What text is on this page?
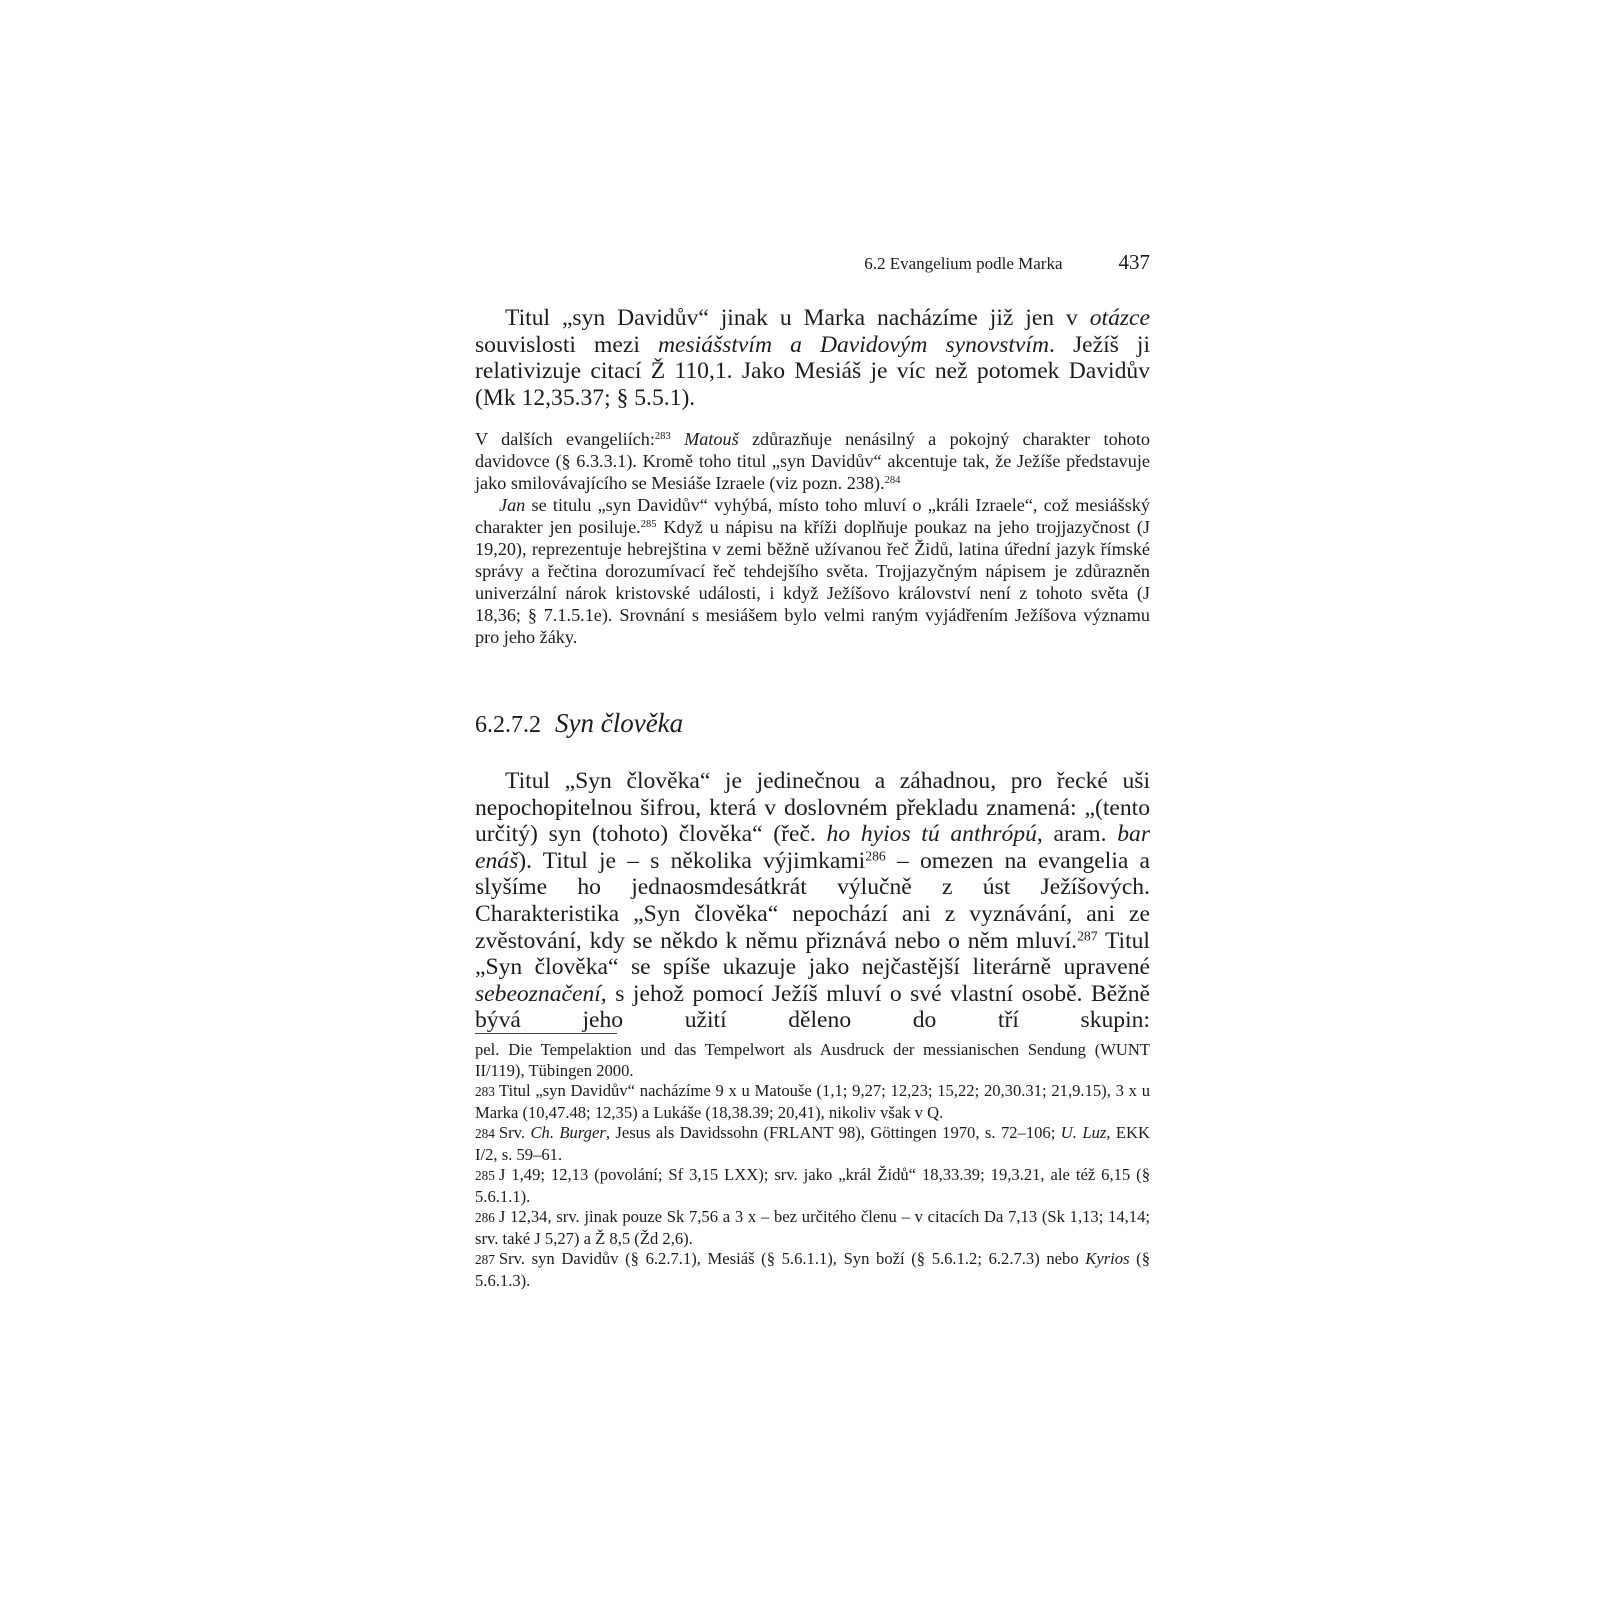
6.2 Evangelium podle Marka	437

Titul „syn Davidův“ jinak u Marka nacházíme již jen v otázce souvislosti mezi mesiášstvím a Davidovým synovstvím. Ježíš ji relativizuje citací Ž 110,1. Jako Mesiáš je víc než potomek Davidův (Mk 12,35.37; § 5.5.1).

V dalších evangeliích:$^{283}$ Matouš zdůrazňuje nenásilný a pokojný charakter tohoto davidovce (§ 6.3.3.1). Kromě toho titul „syn Davidův“ akcentuje tak, že Ježíše představuje jako smilovávajícího se Mesiáše Izraele (viz pozn. 238).$^{284}$

Jan se titulu „syn Davidův“ vyhýbá, místo toho mluví o „králi Izraele“, což mesiášský charakter jen posiluje.$^{285}$ Když u nápisu na kříži doplňuje poukaz na jeho trojjazyčnost (J 19,20), reprezentuje hebrejština v zemi běžně užívanou řeč Židů, latina úřední jazyk římské správy a řečtina dorozumívací řeč tehdejšího světa. Trojjazyčným nápisem je zdůrazněn univerzální nárok kristovské události, i když Ježíšovo království není z tohoto světa (J 18,36; § 7.1.5.1e). Srovnání s mesiášem bylo velmi raným vyjádřením Ježíšova významu pro jeho žáky.

6.2.7.2 Syn člověka

Titul „Syn člověka“ je jedinečnou a záhadnou, pro řecké uši nepochopitelnou šifrou, která v doslovném překladu znamená: „(tento určitý) syn (tohoto) člověka“ (řeč. ho hyios tú anthrópú, aram. bar enáš). Titul je – s několika výjimkami$^{286}$ – omezen na evangelia a slyšíme ho jednaosmdesátkrát výlučně z úst Ježíšových. Charakteristika „Syn člověka“ nepochází ani z vyznávání, ani ze zvěstování, kdy se někdo k němu přiznává nebo o něm mluví.$^{287}$ Titul „Syn člověka“ se spíše ukazuje jako nejčastější literárně upravené sebeoznačení, s jehož pomocí Ježíš mluví o své vlastní osobě. Běžně bývá jeho užití děleno do tří skupin:

pel. Die Tempelaktion und das Tempelwort als Ausdruck der messianischen Sendung (WUNT II/119), Tübingen 2000.

283 Titul „syn Davidův“ nacházíme 9 x u Matouše (1,1; 9,27; 12,23; 15,22; 20,30.31; 21,9.15), 3 x u Marka (10,47.48; 12,35) a Lukáše (18,38.39; 20,41), nikoliv však v Q.

284 Srv. Ch. Burger, Jesus als Davidssohn (FRLANT 98), Göttingen 1970, s. 72–106; U. Luz, EKK I/2, s. 59–61.

285 J 1,49; 12,13 (povolání; Sf 3,15 LXX); srv. jako „král Židů“ 18,33.39; 19,3.21, ale též 6,15 (§ 5.6.1.1).

286 J 12,34, srv. jinak pouze Sk 7,56 a 3 x – bez určitého členu – v citacích Da 7,13 (Sk 1,13; 14,14; srv. také J 5,27) a Ž 8,5 (Žd 2,6).

287 Srv. syn Davidův (§ 6.2.7.1), Mesiáš (§ 5.6.1.1), Syn boží (§ 5.6.1.2; 6.2.7.3) nebo Kyrios (§ 5.6.1.3).
